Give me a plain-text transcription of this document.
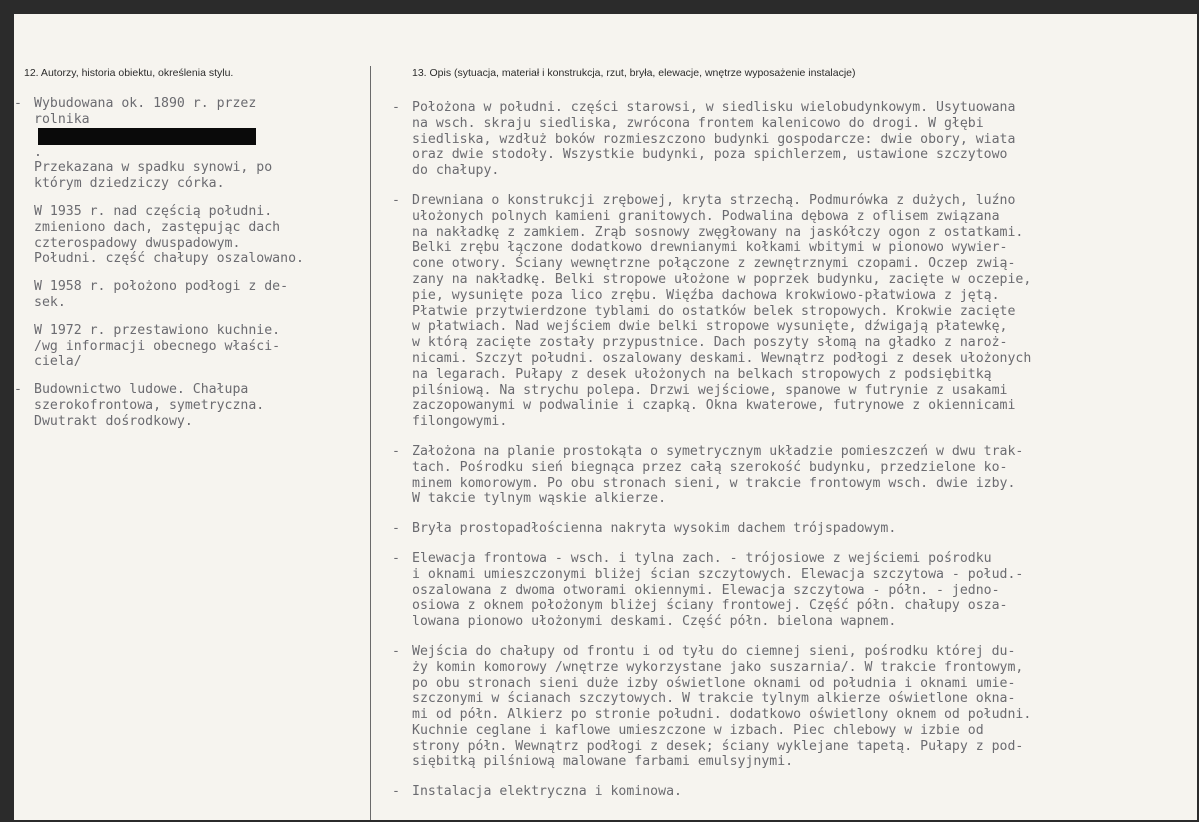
12. Autorzy, historia obiektu, określenia stylu.	13. Opis (sytuacja, materiał i konstrukcja, rzut, bryła, elewacje, wnętrze wyposażenie instalacje)
- Wybudowana ok. 1890 r. przez
rolnika
.
Przekazana w spadku synowi, po
którym dziedziczy córka.
W 1935 r. nad częścią południ.
zmieniono dach, zastępując dach
czterospadowy dwuspadowym.
Południ. część chałupy oszalowano.
W 1958 r. położono podłogi z de-
sek.
W 1972 r. przestawiono kuchnie.
/wg informacji obecnego właści-
ciela/
- Budownictwo ludowe. Chałupa
szerokofrontowa, symetryczna.
Dwutrakt dośrodkowy.
- Położona w południ. części starowsi, w siedlisku wielobudynkowym. Usytuowana
na wsch. skraju siedliska, zwrócona frontem kalenicowo do drogi. W głębi
siedliska, wzdłuż boków rozmieszczono budynki gospodarcze: dwie obory, wiata
oraz dwie stodoły. Wszystkie budynki, poza spichlerzem, ustawione szczytowo
do chałupy.
- Drewniana o konstrukcji zrębowej, kryta strzechą. Podmurówka z dużych, luźno
ułożonych polnych kamieni granitowych. Podwalina dębowa z oflisem związana
na nakładkę z zamkiem. Zrąb sosnowy zwęgłowany na jaskółczy ogon z ostatkami.
Belki zrębu łączone dodatkowo drewnianymi kołkami wbitymi w pionowo wywier-
cone otwory. Ściany wewnętrzne połączone z zewnętrznymi czopami. Oczep zwią-
zany na nakładkę. Belki stropowe ułożone w poprzek budynku, zacięte w oczepie,
pie, wysunięte poza lico zrębu. Więźba dachowa krokwiowo-płatwiowa z jętą.
Płatwie przytwierdzone tyblami do ostatków belek stropowych. Krokwie zacięte
w płatwiach. Nad wejściem dwie belki stropowe wysunięte, dźwigają płatewkę,
w którą zacięte zostały przypustnice. Dach poszyty słomą na gładko z naroż-
nicami. Szczyt południ. oszalowany deskami. Wewnątrz podłogi z desek ułożonych
na legarach. Pułapy z desek ułożonych na belkach stropowych z podsiębitką
pilśniową. Na strychu polepa. Drzwi wejściowe, spanowe w futrynie z usakami
zaczopowanymi w podwalinie i czapką. Okna kwaterowe, futrynowe z okiennicami
filongowymi.
- Założona na planie prostokąta o symetrycznym układzie pomieszczeń w dwu trak-
tach. Pośrodku sień biegnąca przez całą szerokość budynku, przedzielone ko-
minem komorowym. Po obu stronach sieni, w trakcie frontowym wsch. dwie izby.
W takcie tylnym wąskie alkierze.
- Bryła prostopadłościenna nakryta wysokim dachem trójspadowym.
- Elewacja frontowa - wsch. i tylna zach. - trójosiowe z wejściemi pośrodku
i oknami umieszczonymi bliżej ścian szczytowych. Elewacja szczytowa - połud.-
oszalowana z dwoma otworami okiennymi. Elewacja szczytowa - półn. - jedno-
osiowa z oknem położonym bliżej ściany frontowej. Część półn. chałupy osza-
lowana pionowo ułożonymi deskami. Część półn. bielona wapnem.
- Wejścia do chałupy od frontu i od tyłu do ciemnej sieni, pośrodku której du-
ży komin komorowy /wnętrze wykorzystane jako suszarnia/. W trakcie frontowym,
po obu stronach sieni duże izby oświetlone oknami od południa i oknami umie-
szczonymi w ścianach szczytowych. W trakcie tylnym alkierze oświetlone okna-
mi od półn. Alkierz po stronie południ. dodatkowo oświetlony oknem od południ.
Kuchnie ceglane i kaflowe umieszczone w izbach. Piec chlebowy w izbie od
strony półn. Wewnątrz podłogi z desek; ściany wyklejane tapetą. Pułapy z pod-
siębitką pilśniową malowane farbami emulsyjnymi.
- Instalacja elektryczna i kominowa.
